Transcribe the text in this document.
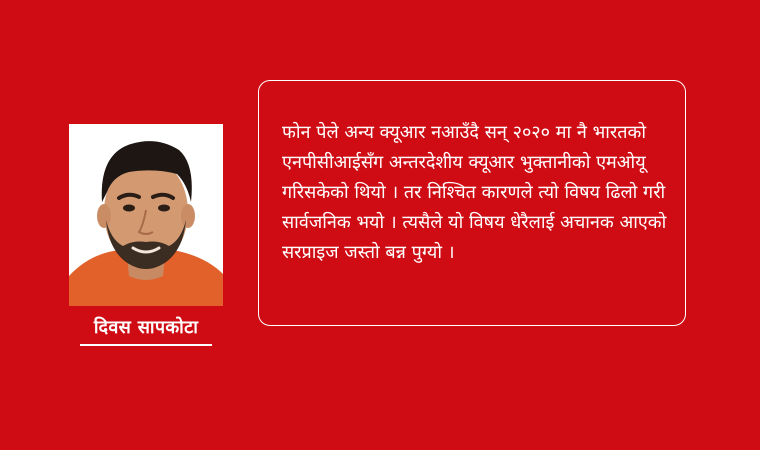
दिवस सापकोटा

फोन पेले अन्य क्यूआर नआउँदै सन् २०२० मा नै भारतको एनपीसीआईसँग अन्तरदेशीय क्यूआर भुक्तानीको एमओयू गरिसकेको थियो । तर निश्चित कारणले त्यो विषय ढिलो गरी सार्वजनिक भयो । त्यसैले यो विषय धेरैलाई अचानक आएको सरप्राइज जस्तो बन्न पुग्यो ।
